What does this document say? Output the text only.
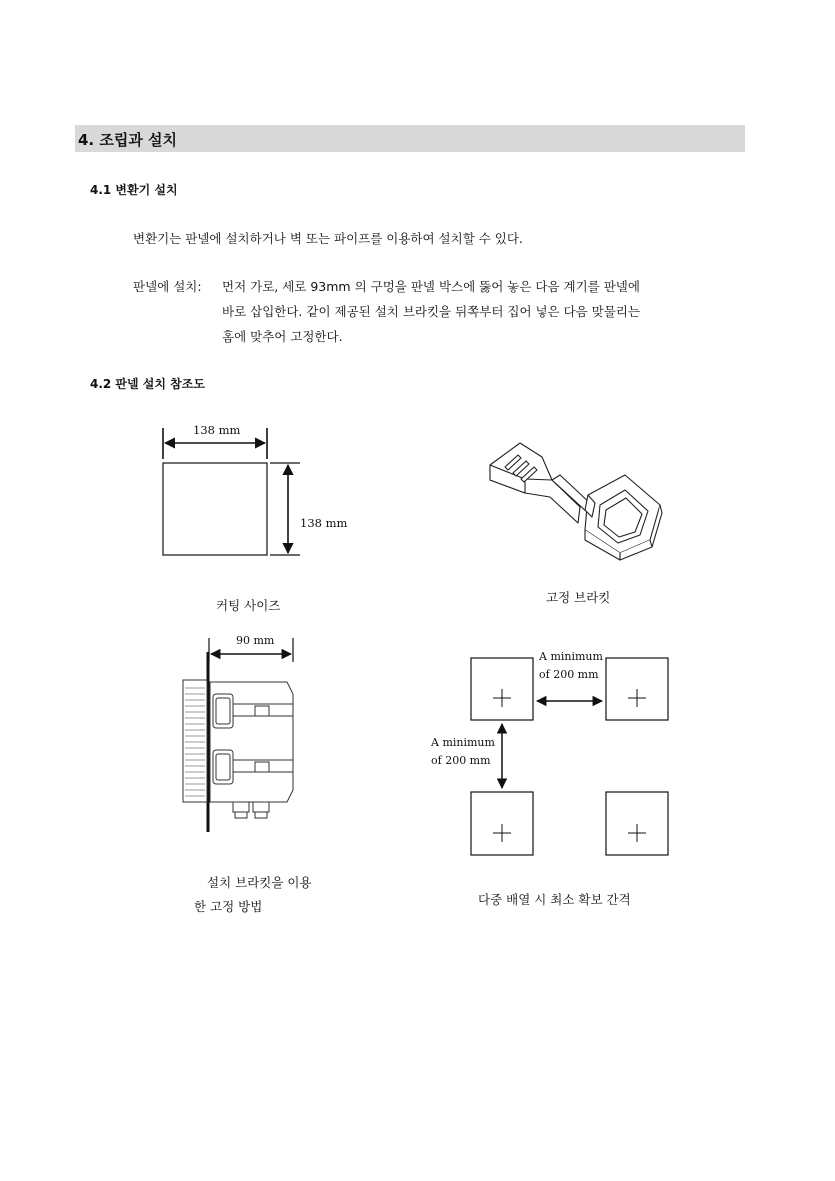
4. 조립과 설치
4.1 변환기 설치
변환기는 판넬에 설치하거나 벽 또는 파이프를 이용하여 설치할 수 있다.
판넬에 설치: 먼저 가로, 세로 93mm 의 구멍을 판넬 박스에 뚫어 놓은 다음 계기를 판넬에
바로 삽입한다. 같이 제공된 설치 브라킷을 뒤쪽부터 집어 넣은 다음 맞물리는
홈에 맞추어 고정한다.
4.2 판넬 설치 참조도
138 mm
138 mm
커팅 사이즈
고정 브라킷
90 mm
설치 브라킷을 이용
한 고정 방법
A minimum
of 200 mm
A minimum
of 200 mm
다중 배열 시 최소 확보 간격
